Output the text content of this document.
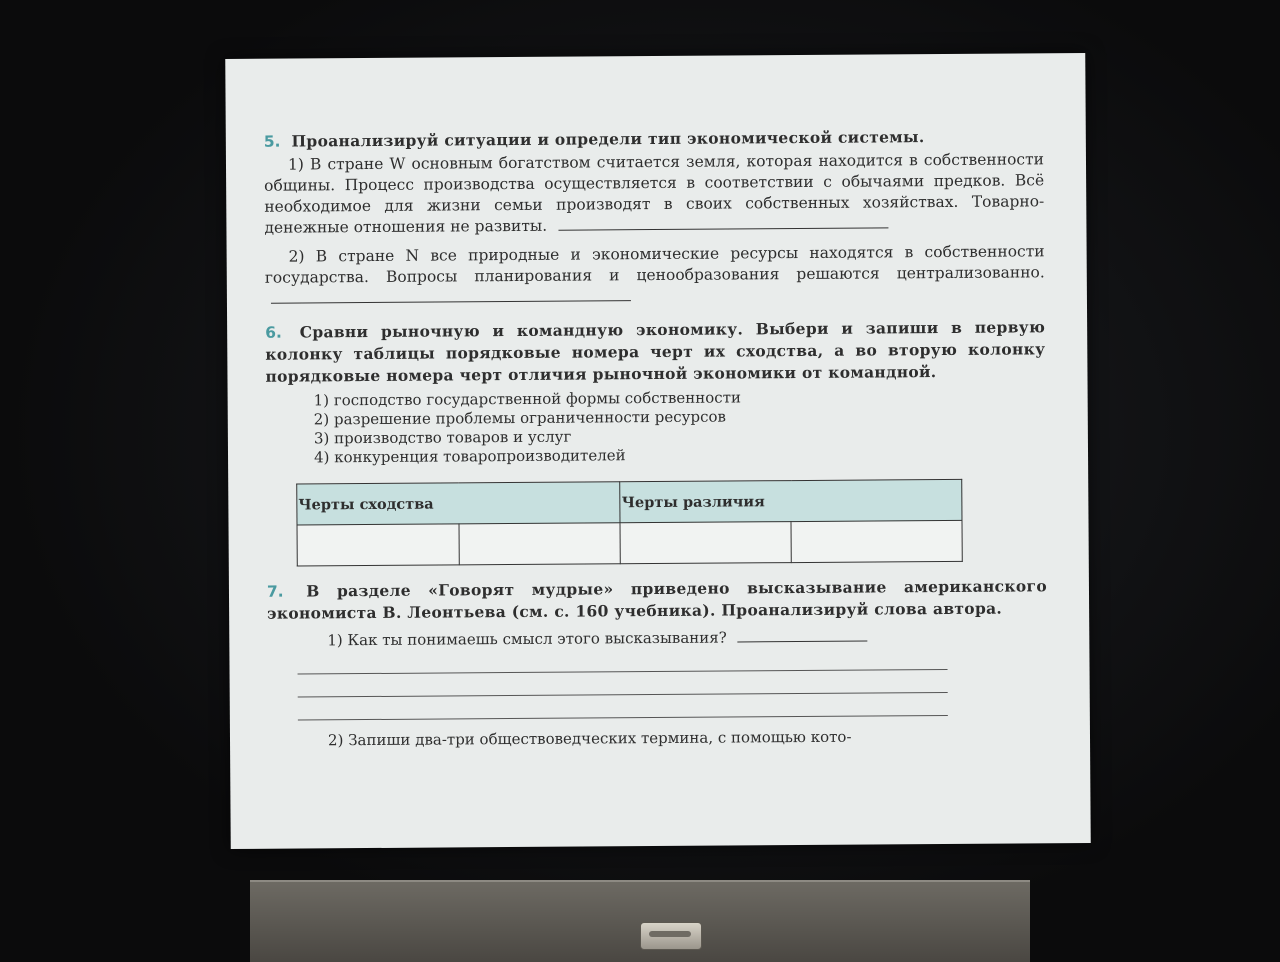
5. Проанализируй ситуации и определи тип экономической системы.
1) В стране W основным богатством считается земля, которая находится в собственности общины. Процесс производства осуществляется в соответствии с обычаями предков. Всё необходимое для жизни семьи производят в своих собственных хозяйствах. Товарно-денежные отношения не развиты.
2) В стране N все природные и экономические ресурсы находятся в собственности государства. Вопросы планирования и ценообразования решаются централизованно.
6. Сравни рыночную и командную экономику. Выбери и запиши в первую колонку таблицы порядковые номера черт их сходства, а во вторую колонку порядковые номера черт отличия рыночной экономики от командной.
1) господство государственной формы собственности
2) разрешение проблемы ограниченности ресурсов
3) производство товаров и услуг
4) конкуренция товаропроизводителей
Черты сходства		Черты различия	

7. В разделе «Говорят мудрые» приведено высказывание американского экономиста В. Леонтьева (см. с. 160 учебника). Проанализируй слова автора.
1) Как ты понимаешь смысл этого высказывания?
2) Запиши два-три обществоведческих термина, с помощью кото-
